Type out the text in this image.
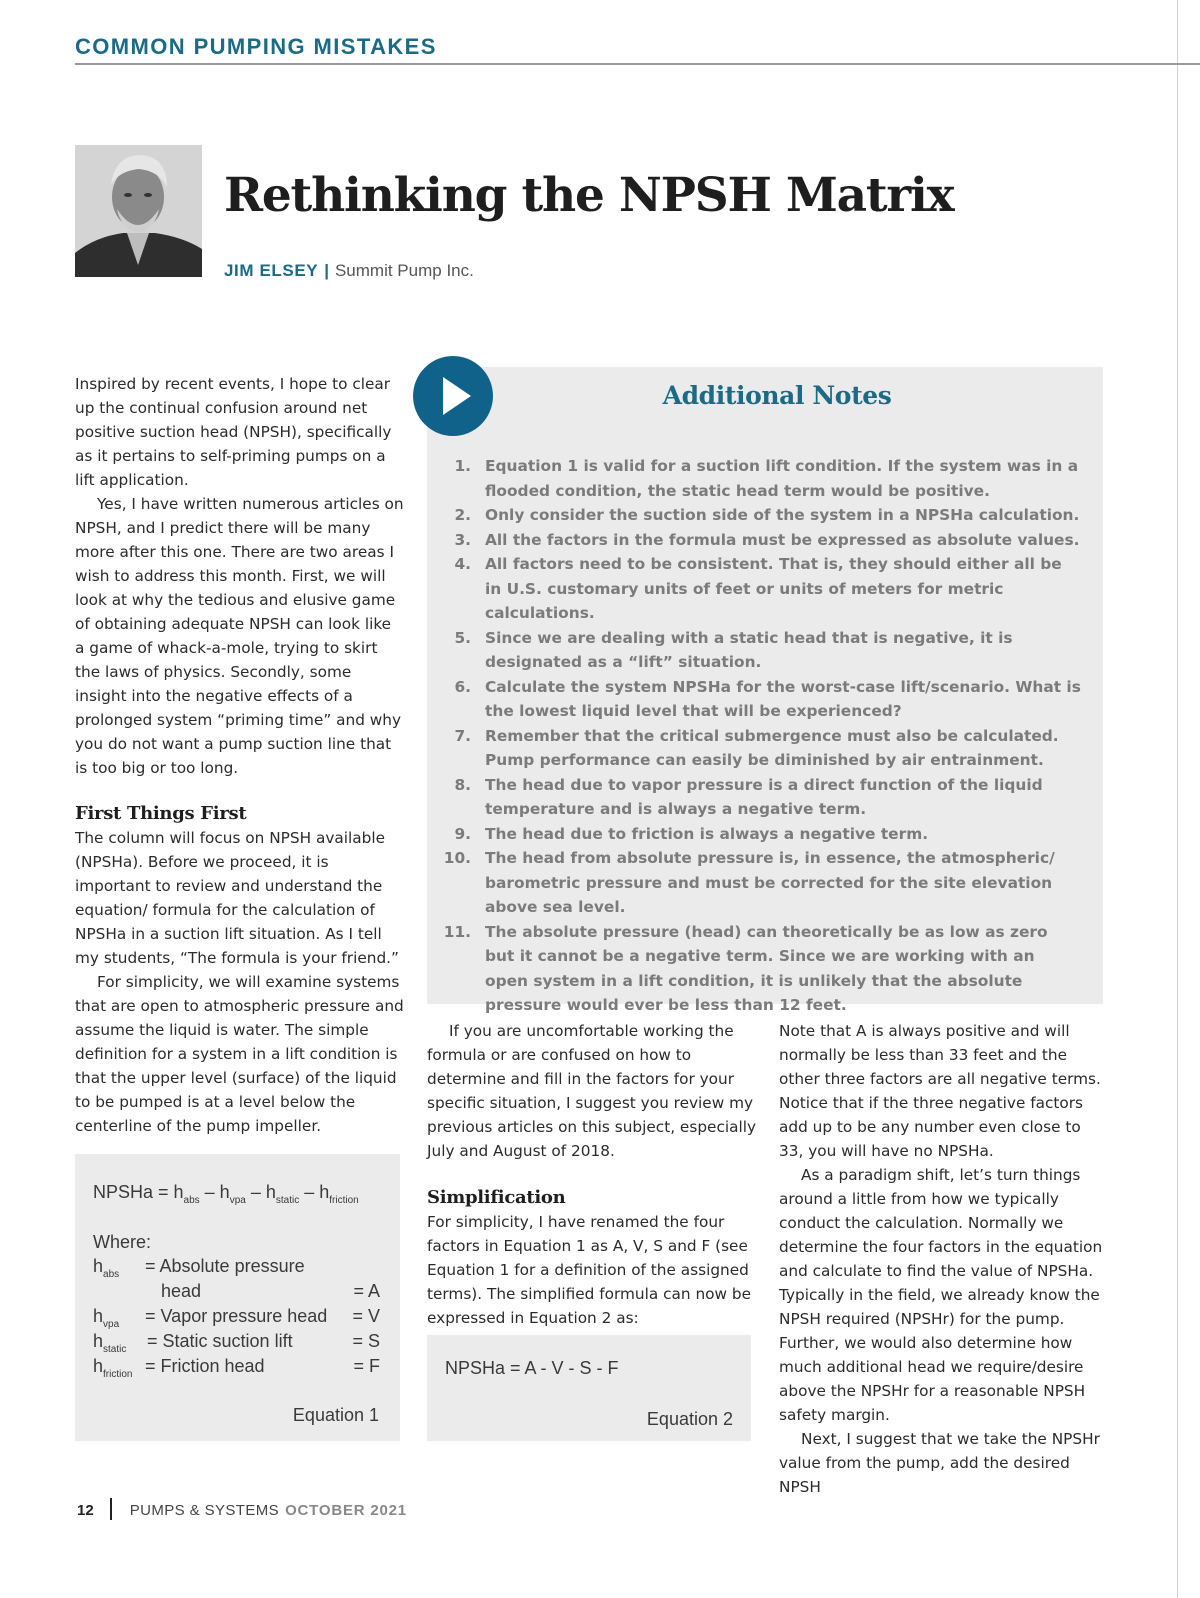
COMMON PUMPING MISTAKES
Rethinking the NPSH Matrix
JIM ELSEY | Summit Pump Inc.

Inspired by recent events, I hope to clear up the continual confusion around net positive suction head (NPSH), specifically as it pertains to self-priming pumps on a lift application.

Yes, I have written numerous articles on NPSH, and I predict there will be many more after this one. There are two areas I wish to address this month. First, we will look at why the tedious and elusive game of obtaining adequate NPSH can look like a game of whack-a-mole, trying to skirt the laws of physics. Secondly, some insight into the negative effects of a prolonged system “priming time” and why you do not want a pump suction line that is too big or too long.

First Things First

The column will focus on NPSH available (NPSHa). Before we proceed, it is important to review and understand the equation/ formula for the calculation of NPSHa in a suction lift situation. As I tell my students, “The formula is your friend.”

For simplicity, we will examine systems that are open to atmospheric pressure and assume the liquid is water. The simple definition for a system in a lift condition is that the upper level (surface) of the liquid to be pumped is at a level below the centerline of the pump impeller.

NPSHa = $h_{abs} - h_{vpa} - h_{static} - h_{friction}$
Where:
$h_{abs}$ = Absolute pressure
head	= A
$h_{vpa}$ = Vapor pressure head = V
$h_{static}$ = Static suction lift	= S
$h_{friction}$ = Friction head	= F
Equation 1
Additional Notes
1. Equation 1 is valid for a suction lift condition. If the system was in a flooded condition, the static head term would be positive.
2. Only consider the suction side of the system in a NPSHa calculation.
3. All the factors in the formula must be expressed as absolute values.
4. All factors need to be consistent. That is, they should either all be in U.S. customary units of feet or units of meters for metric calculations.
5. Since we are dealing with a static head that is negative, it is designated as a “lift” situation.
6. Calculate the system NPSHa for the worst-case lift/scenario. What is the lowest liquid level that will be experienced?
7. Remember that the critical submergence must also be calculated. Pump performance can easily be diminished by air entrainment.
8. The head due to vapor pressure is a direct function of the liquid temperature and is always a negative term.
9. The head due to friction is always a negative term.
10. The head from absolute pressure is, in essence, the atmospheric/ barometric pressure and must be corrected for the site elevation above sea level.
11. The absolute pressure (head) can theoretically be as low as zero but it cannot be a negative term. Since we are working with an open system in a lift condition, it is unlikely that the absolute pressure would ever be less than 12 feet.

If you are uncomfortable working the formula or are confused on how to determine and fill in the factors for your specific situation, I suggest you review my previous articles on this subject, especially July and August of 2018.

Simplification

For simplicity, I have renamed the four factors in Equation 1 as A, V, S and F (see Equation 1 for a definition of the assigned terms). The simplified formula can now be expressed in Equation 2 as:

NPSHa = A - V - S - F
Equation 2

Note that A is always positive and will normally be less than 33 feet and the other three factors are all negative terms. Notice that if the three negative factors add up to be any number even close to 33, you will have no NPSHa.

As a paradigm shift, let’s turn things around a little from how we typically conduct the calculation. Normally we determine the four factors in the equation and calculate to find the value of NPSHa. Typically in the field, we already know the NPSH required (NPSHr) for the pump. Further, we would also determine how much additional head we require/desire above the NPSHr for a reasonable NPSH safety margin.

Next, I suggest that we take the NPSHr value from the pump, add the desired NPSH

12 PUMPS & SYSTEMS OCTOBER 2021
